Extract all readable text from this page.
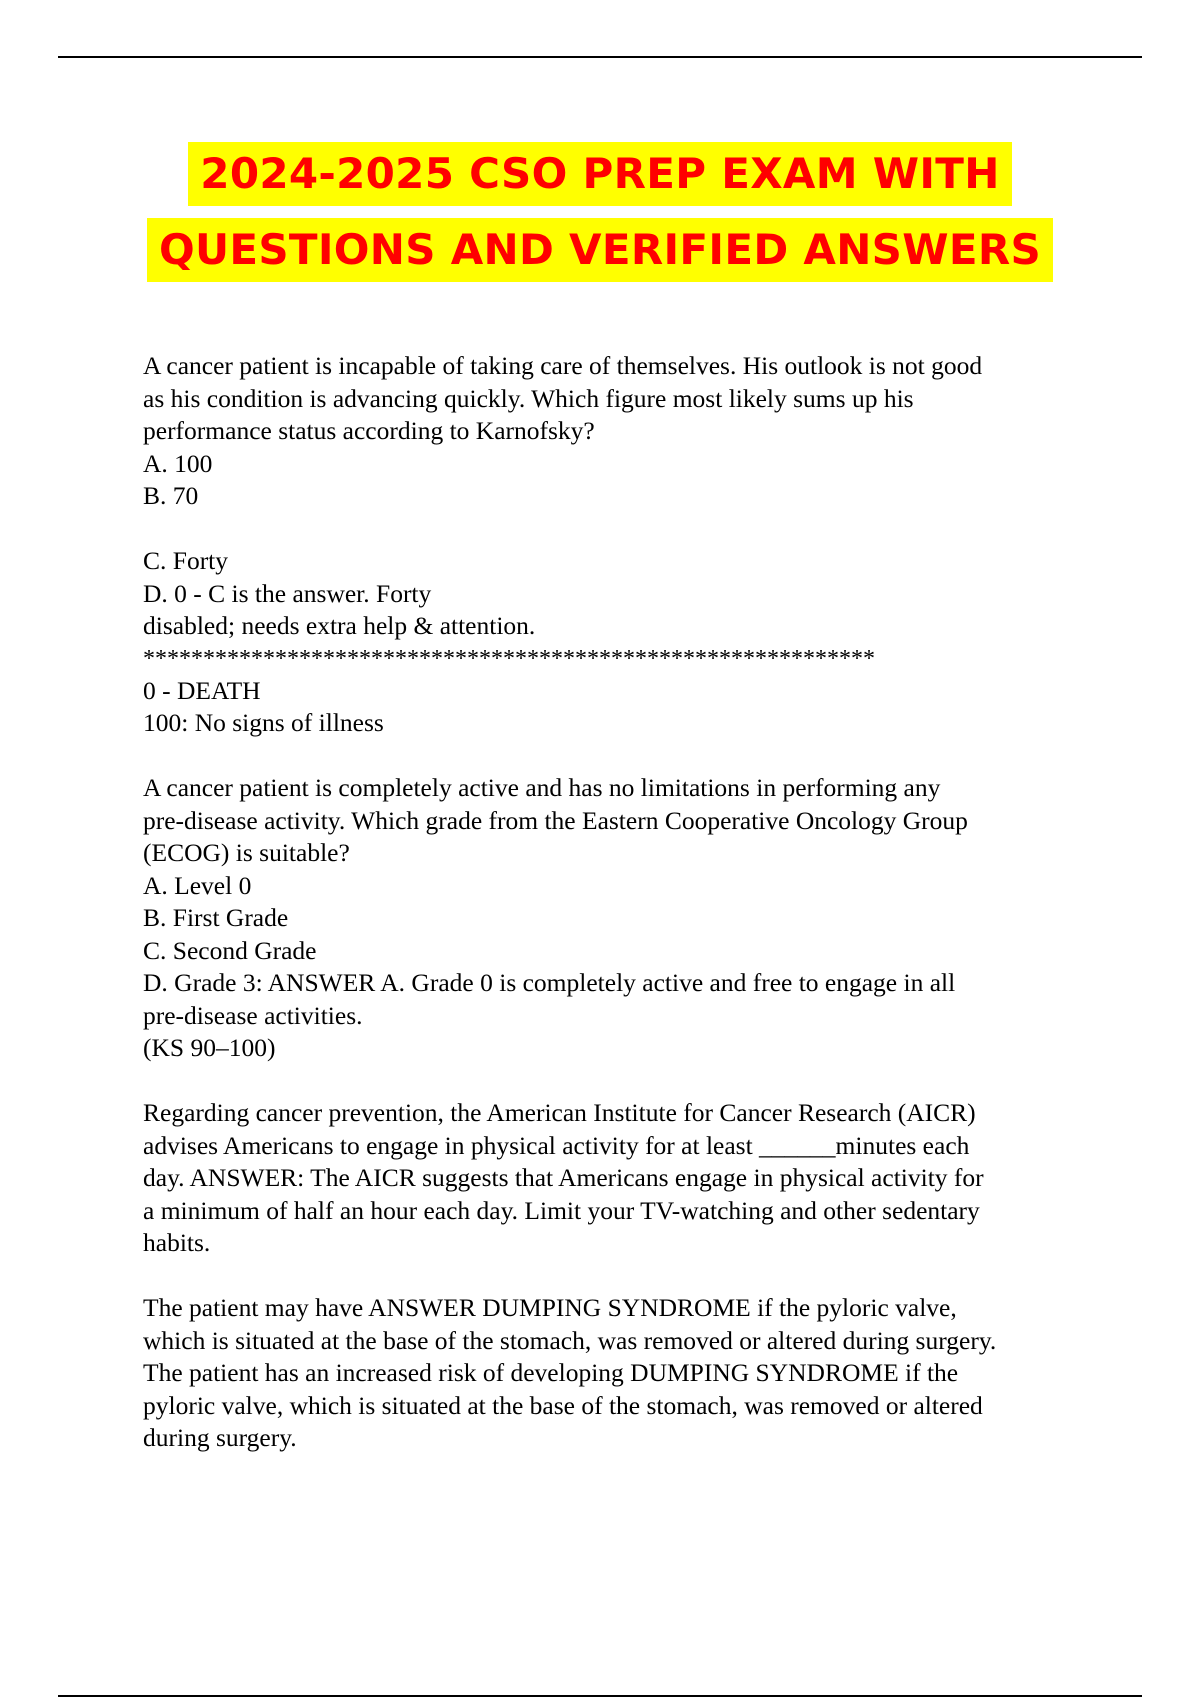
2024-2025 CSO PREP EXAM WITH
QUESTIONS AND VERIFIED ANSWERS

A cancer patient is incapable of taking care of themselves. His outlook is not good

as his condition is advancing quickly. Which figure most likely sums up his

performance status according to Karnofsky?

A. 100

B. 70

C. Forty

D. 0 - C is the answer. Forty

disabled; needs extra help & attention.

*************************************************************

0 - DEATH

100: No signs of illness

A cancer patient is completely active and has no limitations in performing any

pre-disease activity. Which grade from the Eastern Cooperative Oncology Group

(ECOG) is suitable?

A. Level 0

B. First Grade

C. Second Grade

D. Grade 3: ANSWER A. Grade 0 is completely active and free to engage in all

pre-disease activities.

(KS 90–100)

Regarding cancer prevention, the American Institute for Cancer Research (AICR)

advises Americans to engage in physical activity for at least ______minutes each

day. ANSWER: The AICR suggests that Americans engage in physical activity for

a minimum of half an hour each day. Limit your TV-watching and other sedentary

habits.

The patient may have ANSWER DUMPING SYNDROME if the pyloric valve,

which is situated at the base of the stomach, was removed or altered during surgery.

The patient has an increased risk of developing DUMPING SYNDROME if the

pyloric valve, which is situated at the base of the stomach, was removed or altered

during surgery.
